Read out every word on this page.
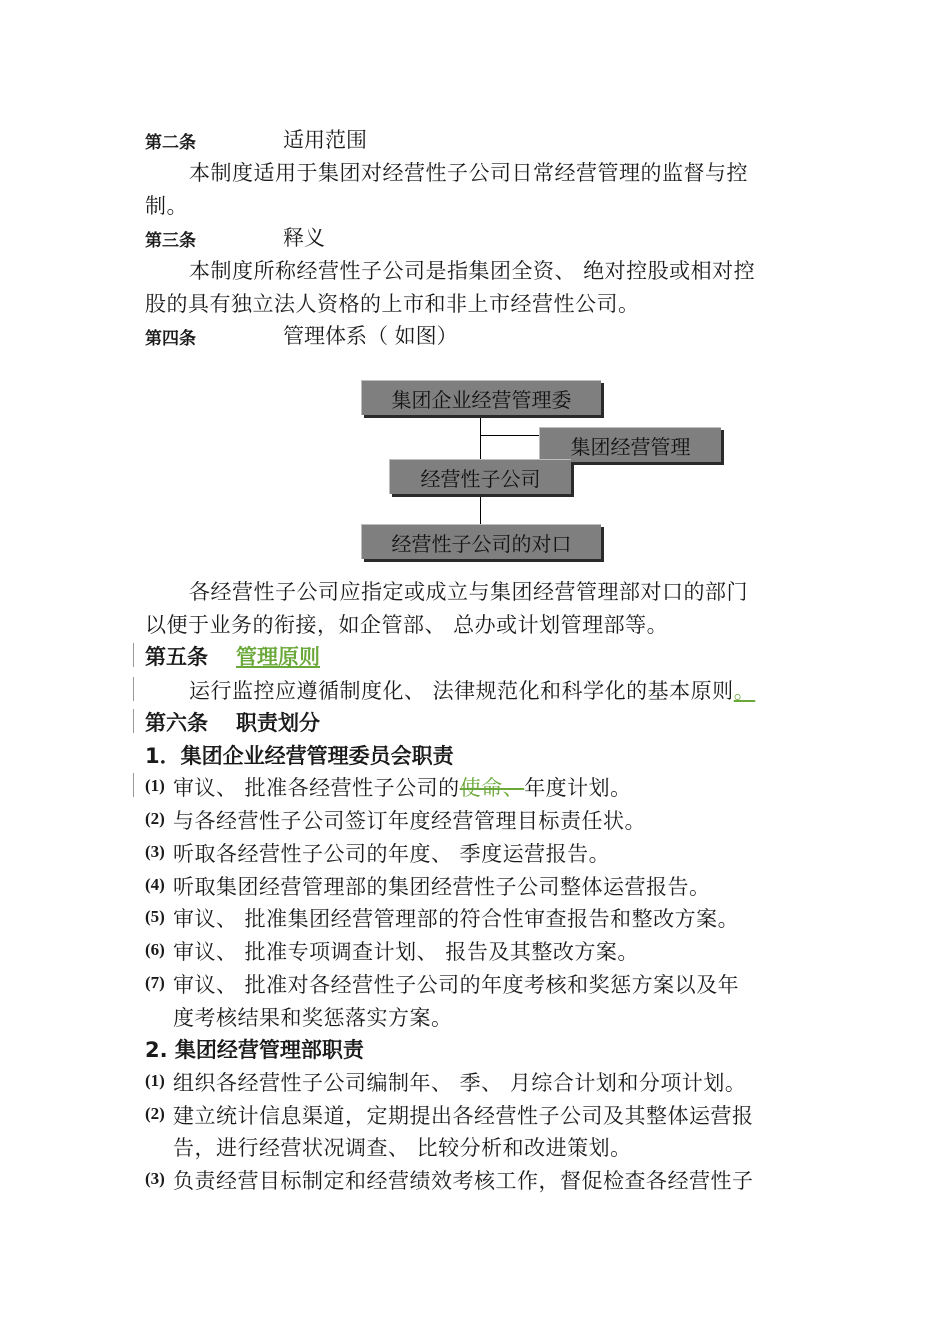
第二条	适用范围
本制度适用于集团对经营性子公司日常经营管理的监督与控
制。
第三条	释义
本制度所称经营性子公司是指集团全资、 绝对控股或相对控
股的具有独立法人资格的上市和非上市经营性公司。
第四条	管理体系（ 如图）
集团企业经营管理委
集团经营管理
经营性子公司
经营性子公司的对口
各经营性子公司应指定或成立与集团经营管理部对口的部门
以便于业务的衔接，如企管部、 总办或计划管理部等。
第五条 管理原则
运行监控应遵循制度化、 法律规范化和科学化的基本原则。
第六条 职责划分
1．集团企业经营管理委员会职责
(1) 审议、 批准各经营性子公司的使命、年度计划。
(2) 与各经营性子公司签订年度经营管理目标责任状。
(3) 听取各经营性子公司的年度、 季度运营报告。
(4) 听取集团经营管理部的集团经营性子公司整体运营报告。
(5) 审议、 批准集团经营管理部的符合性审查报告和整改方案。
(6) 审议、 批准专项调查计划、 报告及其整改方案。
(7) 审议、 批准对各经营性子公司的年度考核和奖惩方案以及年
度考核结果和奖惩落实方案。
2. 集团经营管理部职责
(1) 组织各经营性子公司编制年、 季、 月综合计划和分项计划。
(2) 建立统计信息渠道，定期提出各经营性子公司及其整体运营报
告，进行经营状况调查、 比较分析和改进策划。
(3) 负责经营目标制定和经营绩效考核工作，督促检查各经营性子
